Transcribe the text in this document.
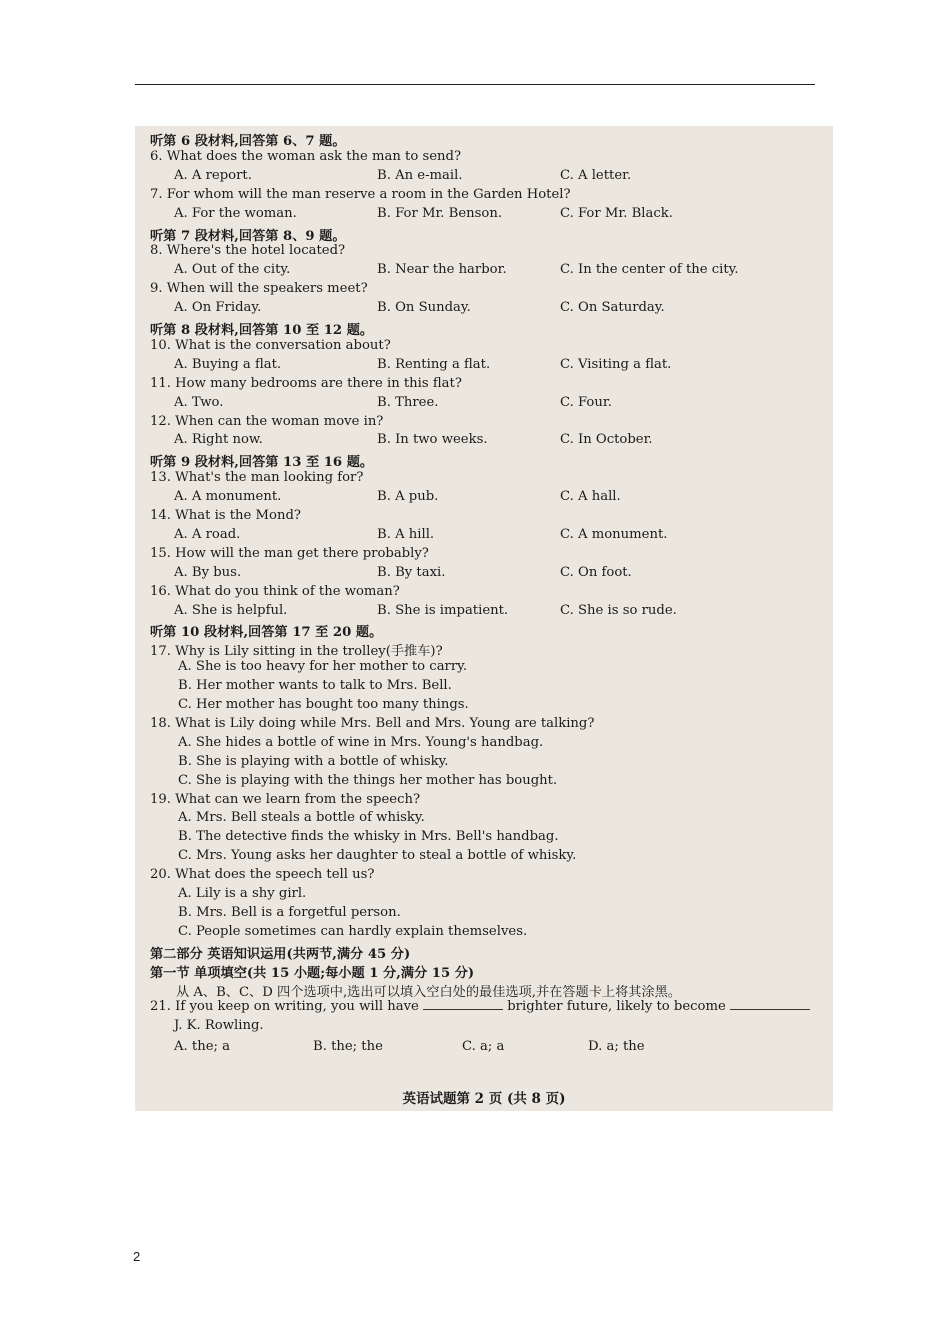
听第 6 段材料,回答第 6、7 题。
6. What does the woman ask the man to send?
A. A report.	B. An e-mail.	C. A letter.
7. For whom will the man reserve a room in the Garden Hotel?
A. For the woman.	B. For Mr. Benson.	C. For Mr. Black.
听第 7 段材料,回答第 8、9 题。
8. Where's the hotel located?
A. Out of the city.	B. Near the harbor.	C. In the center of the city.
9. When will the speakers meet?
A. On Friday.	B. On Sunday.	C. On Saturday.
听第 8 段材料,回答第 10 至 12 题。
10. What is the conversation about?
A. Buying a flat.	B. Renting a flat.	C. Visiting a flat.
11. How many bedrooms are there in this flat?
A. Two.	B. Three.	C. Four.
12. When can the woman move in?
A. Right now.	B. In two weeks.	C. In October.
听第 9 段材料,回答第 13 至 16 题。
13. What's the man looking for?
A. A monument.	B. A pub.	C. A hall.
14. What is the Mond?
A. A road.	B. A hill.	C. A monument.
15. How will the man get there probably?
A. By bus.	B. By taxi.	C. On foot.
16. What do you think of the woman?
A. She is helpful.	B. She is impatient.	C. She is so rude.
听第 10 段材料,回答第 17 至 20 题。
17. Why is Lily sitting in the trolley(手推车)?
A. She is too heavy for her mother to carry.
B. Her mother wants to talk to Mrs. Bell.
C. Her mother has bought too many things.
18. What is Lily doing while Mrs. Bell and Mrs. Young are talking?
A. She hides a bottle of wine in Mrs. Young's handbag.
B. She is playing with a bottle of whisky.
C. She is playing with the things her mother has bought.
19. What can we learn from the speech?
A. Mrs. Bell steals a bottle of whisky.
B. The detective finds the whisky in Mrs. Bell's handbag.
C. Mrs. Young asks her daughter to steal a bottle of whisky.
20. What does the speech tell us?
A. Lily is a shy girl.
B. Mrs. Bell is a forgetful person.
C. People sometimes can hardly explain themselves.
第二部分 英语知识运用(共两节,满分 45 分)
第一节 单项填空(共 15 小题;每小题 1 分,满分 15 分)
从 A、B、C、D 四个选项中,选出可以填入空白处的最佳选项,并在答题卡上将其涂黑。
21. If you keep on writing, you will have	brighter future, likely to become
J. K. Rowling.
A. the; a	B. the; the	C. a; a	D. a; the
英语试题第 2 页 (共 8 页)
2
